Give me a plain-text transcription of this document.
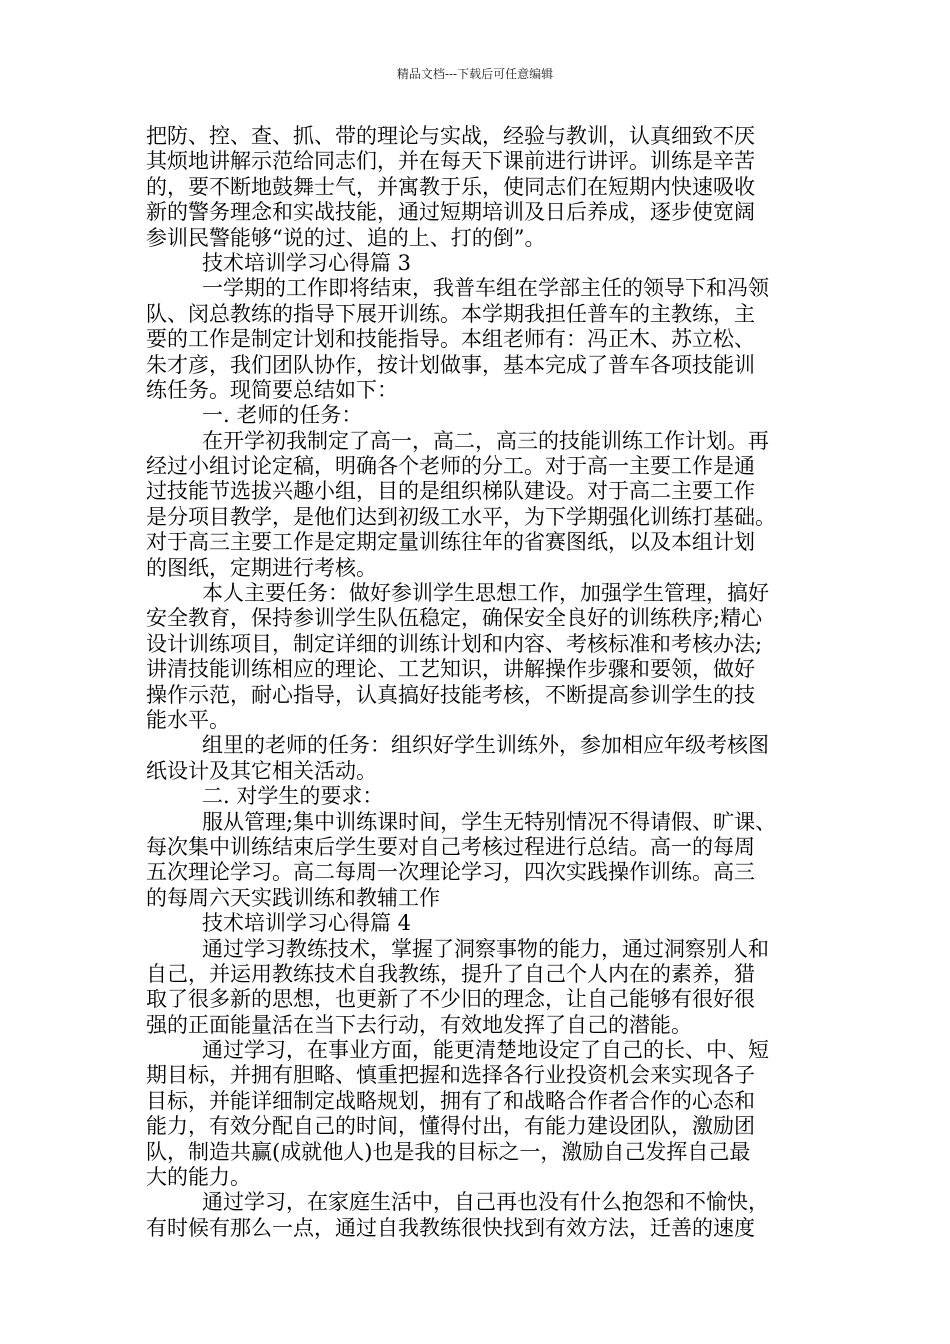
精品文档---下载后可任意编辑
把防、控、查、抓、带的理论与实战，经验与教训，认真细致不厌
其烦地讲解示范给同志们，并在每天下课前进行讲评。训练是辛苦
的，要不断地鼓舞士气，并寓教于乐，使同志们在短期内快速吸收
新的警务理念和实战技能，通过短期培训及日后养成，逐步使宽阔
参训民警能够“说的过、追的上、打的倒”。
技术培训学习心得篇 3
一学期的工作即将结束，我普车组在学部主任的领导下和冯领
队、闵总教练的指导下展开训练。本学期我担任普车的主教练，主
要的工作是制定计划和技能指导。本组老师有：冯正木、苏立松、
朱才彦，我们团队协作，按计划做事，基本完成了普车各项技能训
练任务。现简要总结如下：
一. 老师的任务：
在开学初我制定了高一，高二，高三的技能训练工作计划。再
经过小组讨论定稿，明确各个老师的分工。对于高一主要工作是通
过技能节选拔兴趣小组，目的是组织梯队建设。对于高二主要工作
是分项目教学，是他们达到初级工水平，为下学期强化训练打基础。
对于高三主要工作是定期定量训练往年的省赛图纸，以及本组计划
的图纸，定期进行考核。
本人主要任务：做好参训学生思想工作，加强学生管理，搞好
安全教育，保持参训学生队伍稳定，确保安全良好的训练秩序;精心
设计训练项目，制定详细的训练计划和内容、考核标准和考核办法;
讲清技能训练相应的理论、工艺知识，讲解操作步骤和要领，做好
操作示范，耐心指导，认真搞好技能考核，不断提高参训学生的技
能水平。
组里的老师的任务：组织好学生训练外，参加相应年级考核图
纸设计及其它相关活动。
二. 对学生的要求：
服从管理;集中训练课时间，学生无特别情况不得请假、旷课、
每次集中训练结束后学生要对自己考核过程进行总结。高一的每周
五次理论学习。高二每周一次理论学习，四次实践操作训练。高三
的每周六天实践训练和教辅工作
技术培训学习心得篇 4
通过学习教练技术，掌握了洞察事物的能力，通过洞察别人和
自己，并运用教练技术自我教练，提升了自己个人内在的素养，猎
取了很多新的思想，也更新了不少旧的理念，让自己能够有很好很
强的正面能量活在当下去行动，有效地发挥了自己的潜能。
通过学习，在事业方面，能更清楚地设定了自己的长、中、短
期目标，并拥有胆略、慎重把握和选择各行业投资机会来实现各子
目标，并能详细制定战略规划，拥有了和战略合作者合作的心态和
能力，有效分配自己的时间，懂得付出，有能力建设团队，激励团
队，制造共赢(成就他人)也是我的目标之一，激励自己发挥自己最
大的能力。
通过学习，在家庭生活中，自己再也没有什么抱怨和不愉快，
有时候有那么一点，通过自我教练很快找到有效方法，迁善的速度
